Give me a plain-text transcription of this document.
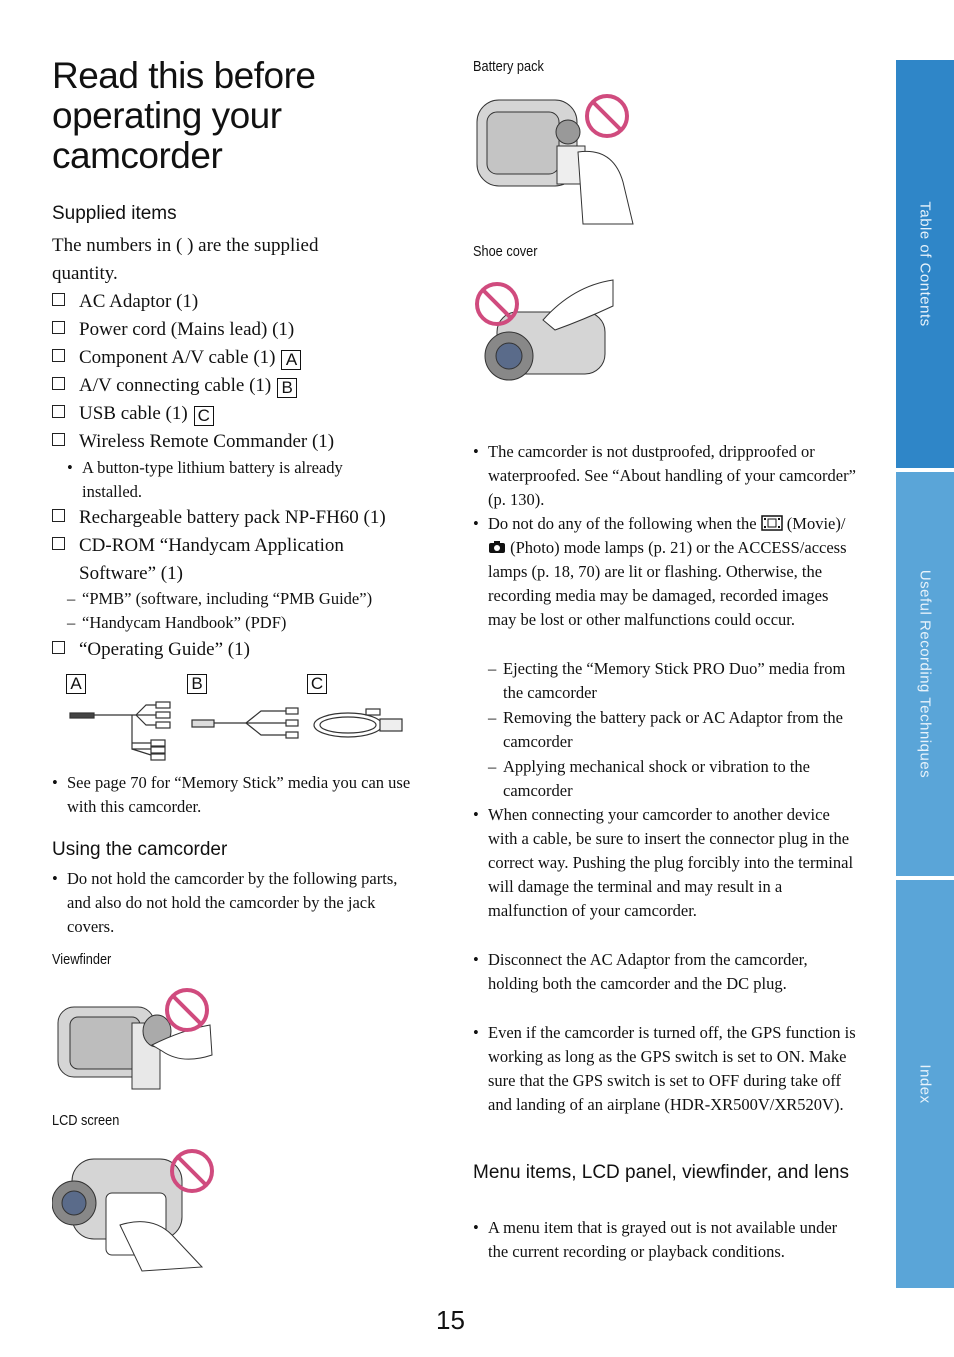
Read this before operating your camcorder
Supplied items
The numbers in ( ) are the supplied quantity.
AC Adaptor (1)
Power cord (Mains lead) (1)
Component A/V cable (1) A
A/V connecting cable (1) B
USB cable (1) C
Wireless Remote Commander (1)
• A button-type lithium battery is already installed.
Rechargeable battery pack NP-FH60 (1)
CD-ROM “Handycam Application
Software” (1)
– “PMB” (software, including “PMB Guide”)
– “Handycam Handbook” (PDF)
“Operating Guide” (1)
A	B	C
• See page 70 for “Memory Stick” media you can use with this camcorder.
Using the camcorder
• Do not hold the camcorder by the following parts, and also do not hold the camcorder by the jack covers.
Viewfinder
LCD screen
Battery pack
Shoe cover
• The camcorder is not dustproofed, dripproofed or waterproofed. See “About handling of your camcorder” (p. 130).
• Do not do any of the following when the (Movie)/ (Photo) mode lamps (p. 21) or the ACCESS/access lamps (p. 18, 70) are lit or flashing. Otherwise, the recording media may be damaged, recorded images may be lost or other malfunctions could occur.
– Ejecting the “Memory Stick PRO Duo” media from the camcorder
– Removing the battery pack or AC Adaptor from the camcorder
– Applying mechanical shock or vibration to the camcorder
• When connecting your camcorder to another device with a cable, be sure to insert the connector plug in the correct way. Pushing the plug forcibly into the terminal will damage the terminal and may result in a malfunction of your camcorder.
• Disconnect the AC Adaptor from the camcorder, holding both the camcorder and the DC plug.
• Even if the camcorder is turned off, the GPS function is working as long as the GPS switch is set to ON. Make sure that the GPS switch is set to OFF during take off and landing of an airplane (HDR-XR500V/XR520V).
Menu items, LCD panel, viewfinder, and lens
• A menu item that is grayed out is not available under the current recording or playback conditions.
Table of Contents
Useful Recording Techniques
Index
15
